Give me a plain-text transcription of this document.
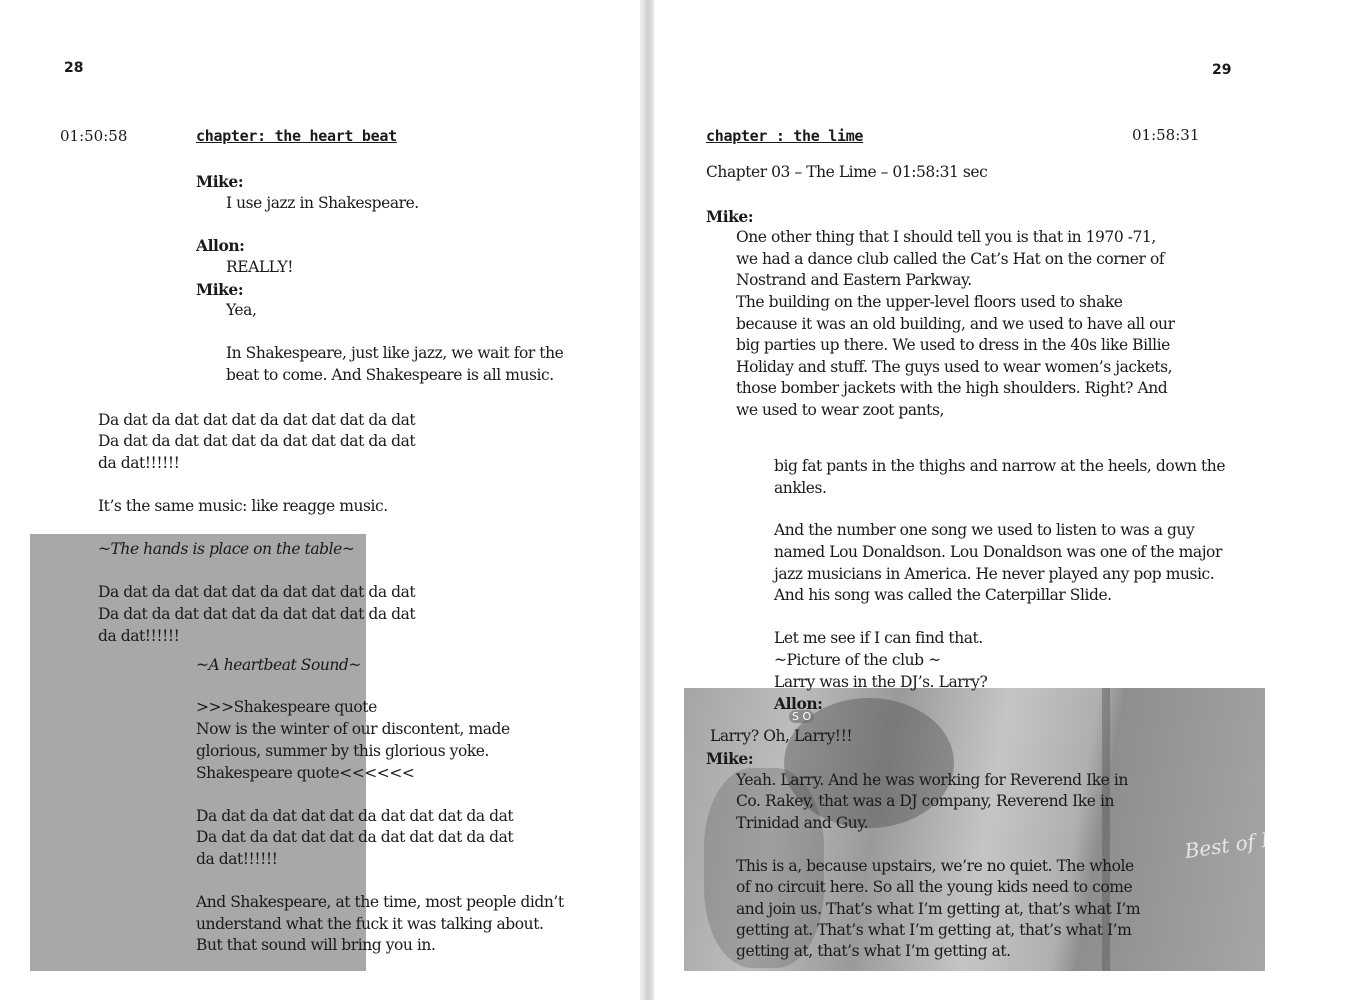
28
01:50:58	chapter: the heart beat
Mike:
I use jazz in Shakespeare.
Allon:
REALLY!
Mike:
Yea,
In Shakespeare, just like jazz, we wait for the
beat to come. And Shakespeare is all music.
Da dat da dat dat dat da dat dat dat da dat
Da dat da dat dat dat da dat dat dat da dat
da dat!!!!!!
It’s the same music: like reagge music.
~The hands is place on the table~
Da dat da dat dat dat da dat dat dat da dat
Da dat da dat dat dat da dat dat dat da dat
da dat!!!!!!
~A heartbeat Sound~
>>>Shakespeare quote
Now is the winter of our discontent, made
glorious, summer by this glorious yoke.
Shakespeare quote<<<<<<
Da dat da dat dat dat da dat dat dat da dat
Da dat da dat dat dat da dat dat dat da dat
da dat!!!!!!
And Shakespeare, at the time, most people didn’t
understand what the fuck it was talking about.
But that sound will bring you in.
S O
Best of ELLA FI
29
chapter : the lime	01:58:31
Chapter 03 – The Lime – 01:58:31 sec
Mike:
One other thing that I should tell you is that in 1970 -71,
we had a dance club called the Cat’s Hat on the corner of
Nostrand and Eastern Parkway.
The building on the upper-level floors used to shake
because it was an old building, and we used to have all our
big parties up there. We used to dress in the 40s like Billie
Holiday and stuff. The guys used to wear women’s jackets,
those bomber jackets with the high shoulders. Right? And
we used to wear zoot pants,
big fat pants in the thighs and narrow at the heels, down the
ankles.
And the number one song we used to listen to was a guy
named Lou Donaldson. Lou Donaldson was one of the major
jazz musicians in America. He never played any pop music.
And his song was called the Caterpillar Slide.
Let me see if I can find that.
~Picture of the club ~
Larry was in the DJ’s. Larry?
Allon:
Larry? Oh, Larry!!!
Mike:
Yeah. Larry. And he was working for Reverend Ike in
Co. Rakey, that was a DJ company, Reverend Ike in
Trinidad and Guy.
This is a, because upstairs, we’re no quiet. The whole
of no circuit here. So all the young kids need to come
and join us. That’s what I’m getting at, that’s what I’m
getting at. That’s what I’m getting at, that’s what I’m
getting at, that’s what I’m getting at.
